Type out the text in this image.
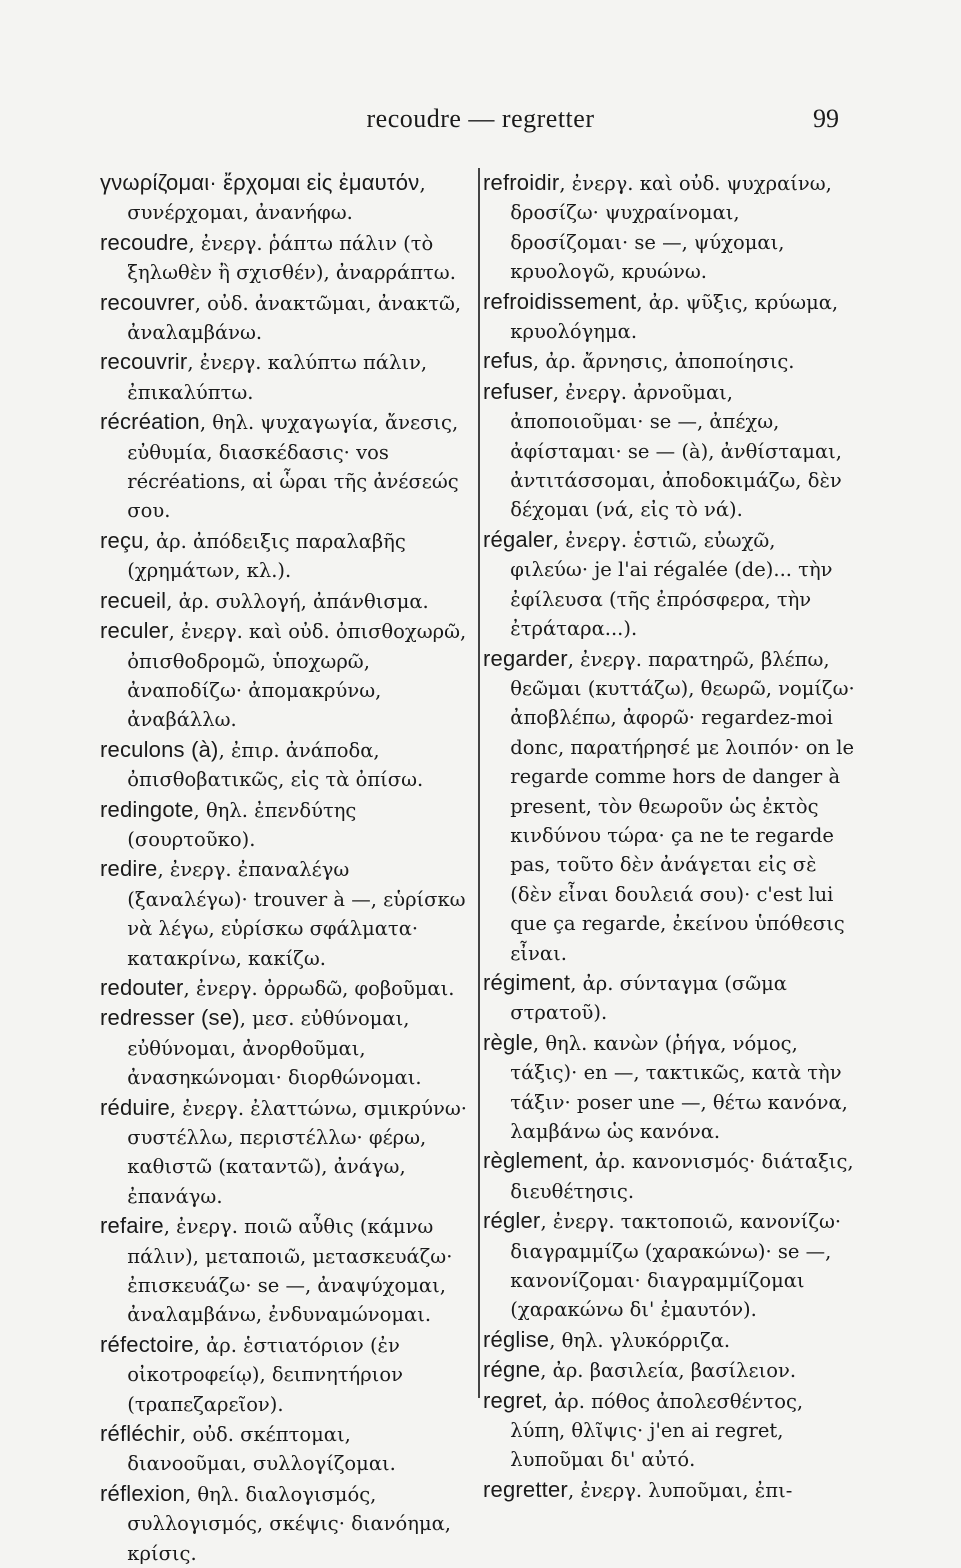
recoudre — regretter	99

γνωρίζομαι· ἔρχομαι εἰς ἐμαυτόν, συνέρχομαι, ἀνανήφω.

recoudre, ἐνεργ. ῥάπτω πάλιν (τὸ ξηλωθὲν ἢ σχισθέν), ἀναρράπτω.

recouvrer, οὐδ. ἀνακτῶμαι, ἀνακτῶ, ἀναλαμβάνω.

recouvrir, ἐνεργ. καλύπτω πάλιν, ἐπικαλύπτω.

récréation, θηλ. ψυχαγωγία, ἄνεσις, εὐθυμία, διασκέδασις· vos récréations, αἱ ὧραι τῆς ἀνέσεώς σου.

reçu, ἀρ. ἀπόδειξις παραλαβῆς (χρημάτων, κλ.).

recueil, ἀρ. συλλογή, ἀπάνθισμα.

reculer, ἐνεργ. καὶ οὐδ. ὀπισθοχωρῶ, ὀπισθοδρομῶ, ὑποχωρῶ, ἀναποδίζω· ἀπομακρύνω, ἀναβάλλω.

reculons (à), ἐπιρ. ἀνάποδα, ὀπισθοβατικῶς, εἰς τὰ ὀπίσω.

redingote, θηλ. ἐπενδύτης (σουρτοῦκο).

redire, ἐνεργ. ἐπαναλέγω (ξαναλέγω)· trouver à —, εὑρίσκω νὰ λέγω, εὑρίσκω σφάλματα· κατακρίνω, κακίζω.

redouter, ἐνεργ. ὀρρωδῶ, φοβοῦμαι.

redresser (se), μεσ. εὐθύνομαι, εὐθύνομαι, ἀνορθοῦμαι, ἀνασηκώνομαι· διορθώνομαι.

réduire, ἐνεργ. ἐλαττώνω, σμικρύνω· συστέλλω, περιστέλλω· φέρω, καθιστῶ (καταντῶ), ἀνάγω, ἐπανάγω.

refaire, ἐνεργ. ποιῶ αὖθις (κάμνω πάλιν), μεταποιῶ, μετασκευάζω· ἐπισκευάζω· se —, ἀναψύχομαι, ἀναλαμβάνω, ἐνδυναμώνομαι.

réfectoire, ἀρ. ἑστιατόριον (ἐν οἰκοτροφείῳ), δειπνητήριον (τραπεζαρεῖον).

réfléchir, οὐδ. σκέπτομαι, διανοοῦμαι, συλλογίζομαι.

réflexion, θηλ. διαλογισμός, συλλογισμός, σκέψις· διανόημα, κρίσις.

refroidir, ἐνεργ. καὶ οὐδ. ψυχραίνω, δροσίζω· ψυχραίνομαι, δροσίζομαι· se —, ψύχομαι, κρυολογῶ, κρυώνω.

refroidissement, ἀρ. ψῦξις, κρύωμα, κρυολόγημα.

refus, ἀρ. ἄρνησις, ἀποποίησις.

refuser, ἐνεργ. ἀρνοῦμαι, ἀποποιοῦμαι· se —, ἀπέχω, ἀφίσταμαι· se — (à), ἀνθίσταμαι, ἀντιτάσσομαι, ἀποδοκιμάζω, δὲν δέχομαι (νά, εἰς τὸ νά).

régaler, ἐνεργ. ἑστιῶ, εὐωχῶ, φιλεύω· je l'ai régalée (de)... τὴν ἐφίλευσα (τῆς ἐπρόσφερα, τὴν ἐτράταρα...).

regarder, ἐνεργ. παρατηρῶ, βλέπω, θεῶμαι (κυττάζω), θεωρῶ, νομίζω· ἀποβλέπω, ἀφορῶ· regardez-moi donc, παρατήρησέ με λοιπόν· on le regarde comme hors de danger à present, τὸν θεωροῦν ὡς ἐκτὸς κινδύνου τώρα· ça ne te regarde pas, τοῦτο δὲν ἀνάγεται εἰς σὲ (δὲν εἶναι δουλειά σου)· c'est lui que ça regarde, ἐκείνου ὑπόθεσις εἶναι.

régiment, ἀρ. σύνταγμα (σῶμα στρατοῦ).

règle, θηλ. κανὼν (ῥήγα, νόμος, τάξις)· en —, τακτικῶς, κατὰ τὴν τάξιν· poser une —, θέτω κανόνα, λαμβάνω ὡς κανόνα.

règlement, ἀρ. κανονισμός· διάταξις, διευθέτησις.

régler, ἐνεργ. τακτοποιῶ, κανονίζω· διαγραμμίζω (χαρακώνω)· se —, κανονίζομαι· διαγραμμίζομαι (χαρακώνω δι' ἐμαυτόν).

réglise, θηλ. γλυκόρριζα.

régne, ἀρ. βασιλεία, βασίλειον.

regret, ἀρ. πόθος ἀπολεσθέντος, λύπη, θλῖψις· j'en ai regret, λυποῦμαι δι' αὐτό.

regretter, ἐνεργ. λυποῦμαι, ἐπι-
